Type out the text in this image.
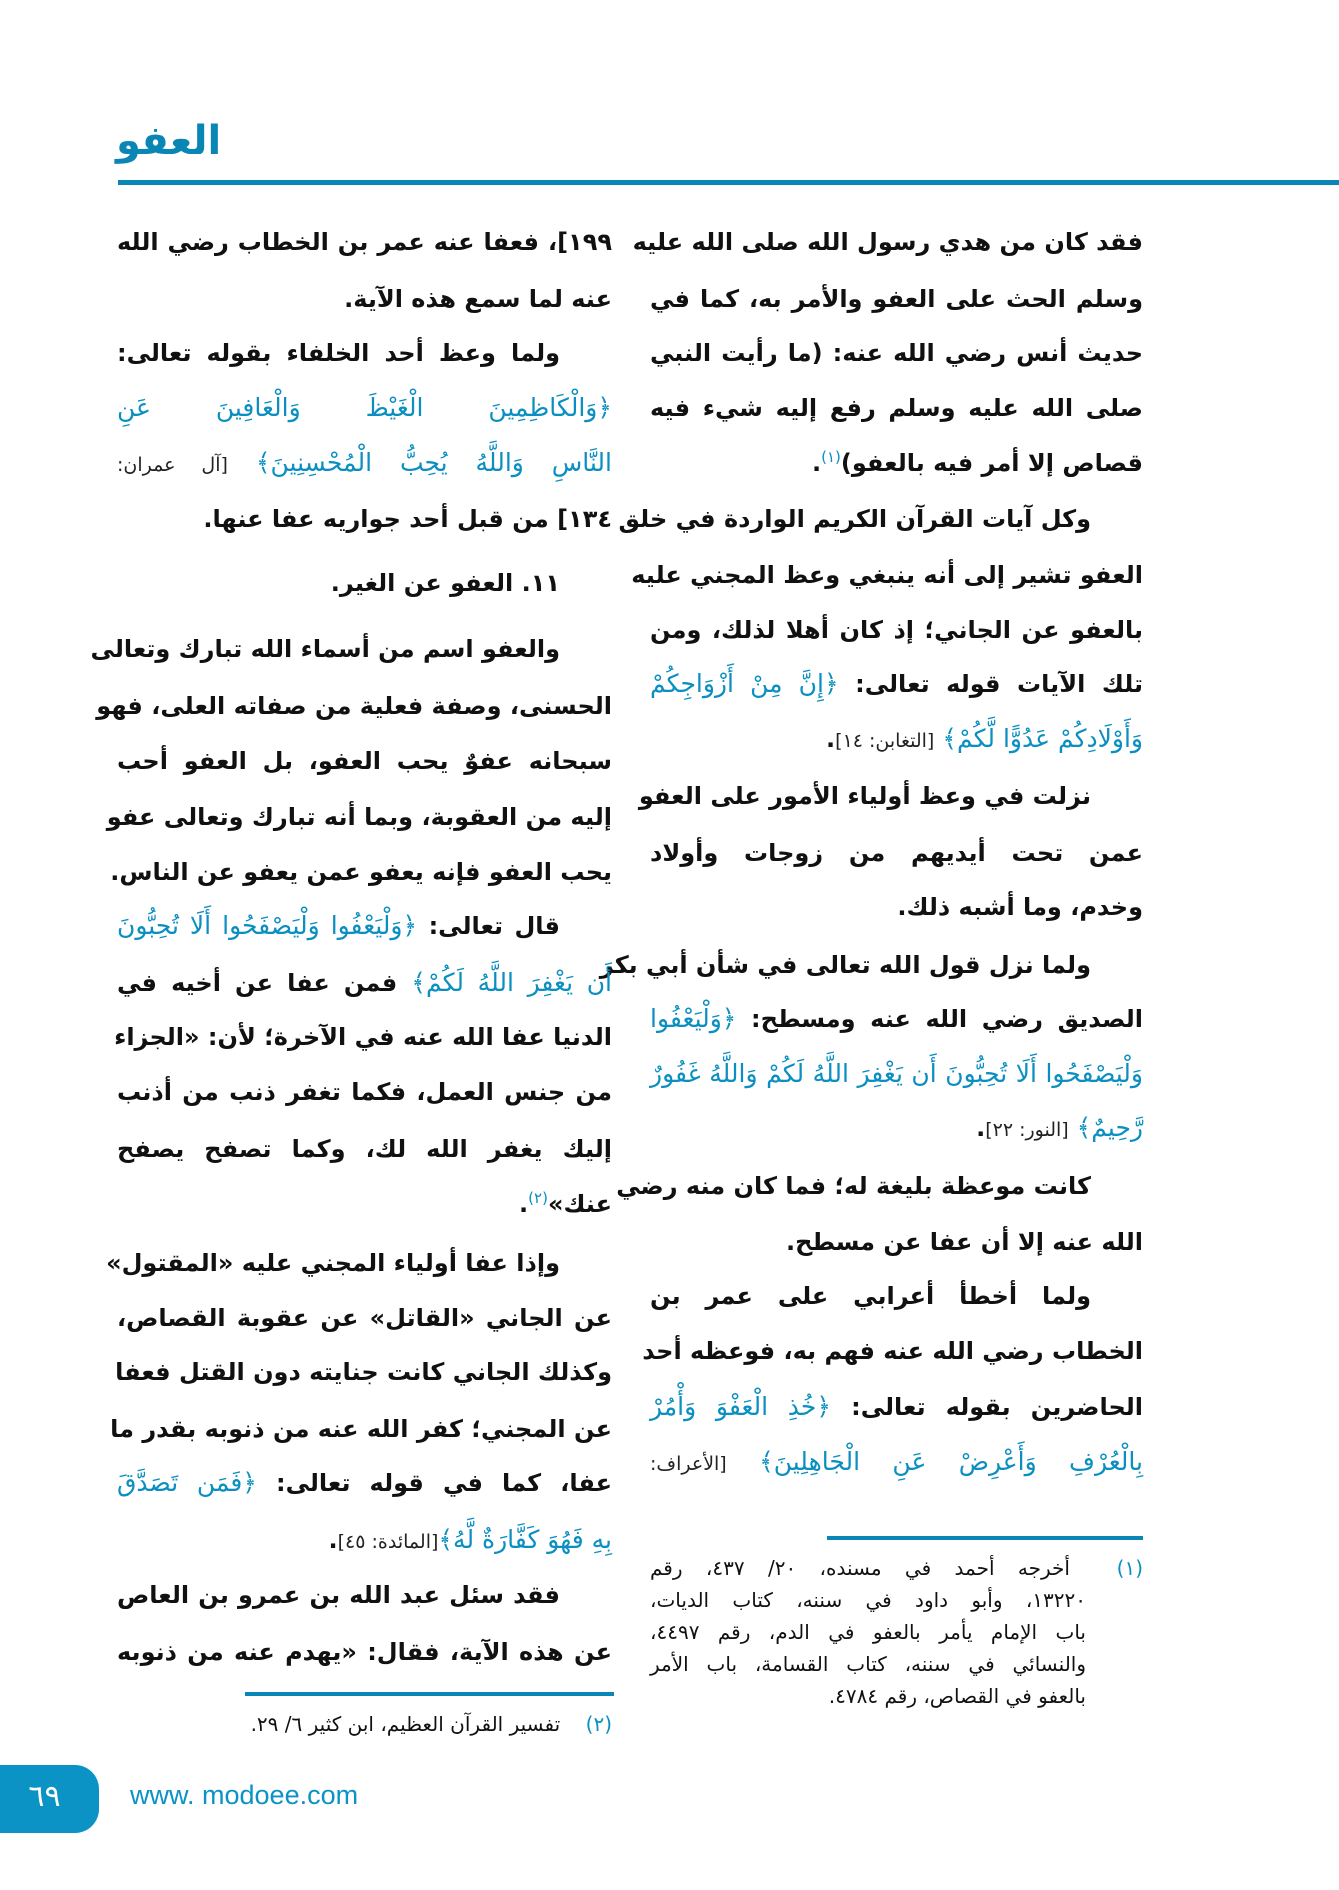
العفو
فقد كان من هدي رسول الله صلى الله عليه
وسلم الحث على العفو والأمر به، كما في
حديث أنس رضي الله عنه: (ما رأيت النبي
صلى الله عليه وسلم رفع إليه شيء فيه
قصاص إلا أمر فيه بالعفو)$^{(١)}$.
وكل آيات القرآن الكريم الواردة في خلق
العفو تشير إلى أنه ينبغي وعظ المجني عليه
بالعفو عن الجاني؛ إذ كان أهلا لذلك، ومن
تلك الآيات قوله تعالى: ﴿إِنَّ مِنْ أَزْوَاجِكُمْ
وَأَوْلَادِكُمْ عَدُوًّا لَّكُمْ﴾ [التغابن: ١٤].
نزلت في وعظ أولياء الأمور على العفو
عمن تحت أيديهم من زوجات وأولاد
وخدم، وما أشبه ذلك.
ولما نزل قول الله تعالى في شأن أبي بكر
الصديق رضي الله عنه ومسطح: ﴿وَلْيَعْفُوا
وَلْيَصْفَحُوا أَلَا تُحِبُّونَ أَن يَغْفِرَ اللَّهُ لَكُمْ وَاللَّهُ غَفُورٌ
رَّحِيمٌ﴾ [النور: ٢٢].
كانت موعظة بليغة له؛ فما كان منه رضي
الله عنه إلا أن عفا عن مسطح.
ولما أخطأ أعرابي على عمر بن
الخطاب رضي الله عنه فهم به، فوعظه أحد
الحاضرين بقوله تعالى: ﴿خُذِ الْعَفْوَ وَأْمُرْ
بِالْعُرْفِ وَأَعْرِضْ عَنِ الْجَاهِلِينَ﴾ [الأعراف:
(١)  أخرجه أحمد في مسنده، ٢٠/ ٤٣٧، رقم
١٣٢٢٠، وأبو داود في سننه، كتاب الديات،
باب الإمام يأمر بالعفو في الدم، رقم ٤٤٩٧،
والنسائي في سننه، كتاب القسامة، باب الأمر
بالعفو في القصاص، رقم ٤٧٨٤.
(٢)    تفسير القرآن العظيم، ابن كثير ٦/ ٢٩.
١٩٩]، فعفا عنه عمر بن الخطاب رضي الله
عنه لما سمع هذه الآية.
ولما وعظ أحد الخلفاء بقوله تعالى:
﴿وَالْكَاظِمِينَ الْغَيْظَ وَالْعَافِينَ عَنِ
النَّاسِ وَاللَّهُ يُحِبُّ الْمُحْسِنِينَ﴾ [آل عمران:
١٣٤] من قبل أحد جواريه عفا عنها.
١١. العفو عن الغير.
والعفو اسم من أسماء الله تبارك وتعالى
الحسنى، وصفة فعلية من صفاته العلى، فهو
سبحانه عفوٌ يحب العفو، بل العفو أحب
إليه من العقوبة، وبما أنه تبارك وتعالى عفو
يحب العفو فإنه يعفو عمن يعفو عن الناس.
قال تعالى: ﴿وَلْيَعْفُوا وَلْيَصْفَحُوا أَلَا تُحِبُّونَ
أَن يَغْفِرَ اللَّهُ لَكُمْ﴾ فمن عفا عن أخيه في
الدنيا عفا الله عنه في الآخرة؛ لأن: «الجزاء
من جنس العمل، فكما تغفر ذنب من أذنب
إليك يغفر الله لك، وكما تصفح يصفح
عنك»$^{(٢)}$.
وإذا عفا أولياء المجني عليه «المقتول»
عن الجاني «القاتل» عن عقوبة القصاص،
وكذلك الجاني كانت جنايته دون القتل فعفا
عن المجني؛ كفر الله عنه من ذنوبه بقدر ما
عفا، كما في قوله تعالى: ﴿فَمَن تَصَدَّقَ
بِهِ فَهُوَ كَفَّارَةٌ لَّهُ﴾[المائدة: ٤٥].
فقد سئل عبد الله بن عمرو بن العاص
عن هذه الآية، فقال: «يهدم عنه من ذنوبه
٦٩	www. modoee.com
